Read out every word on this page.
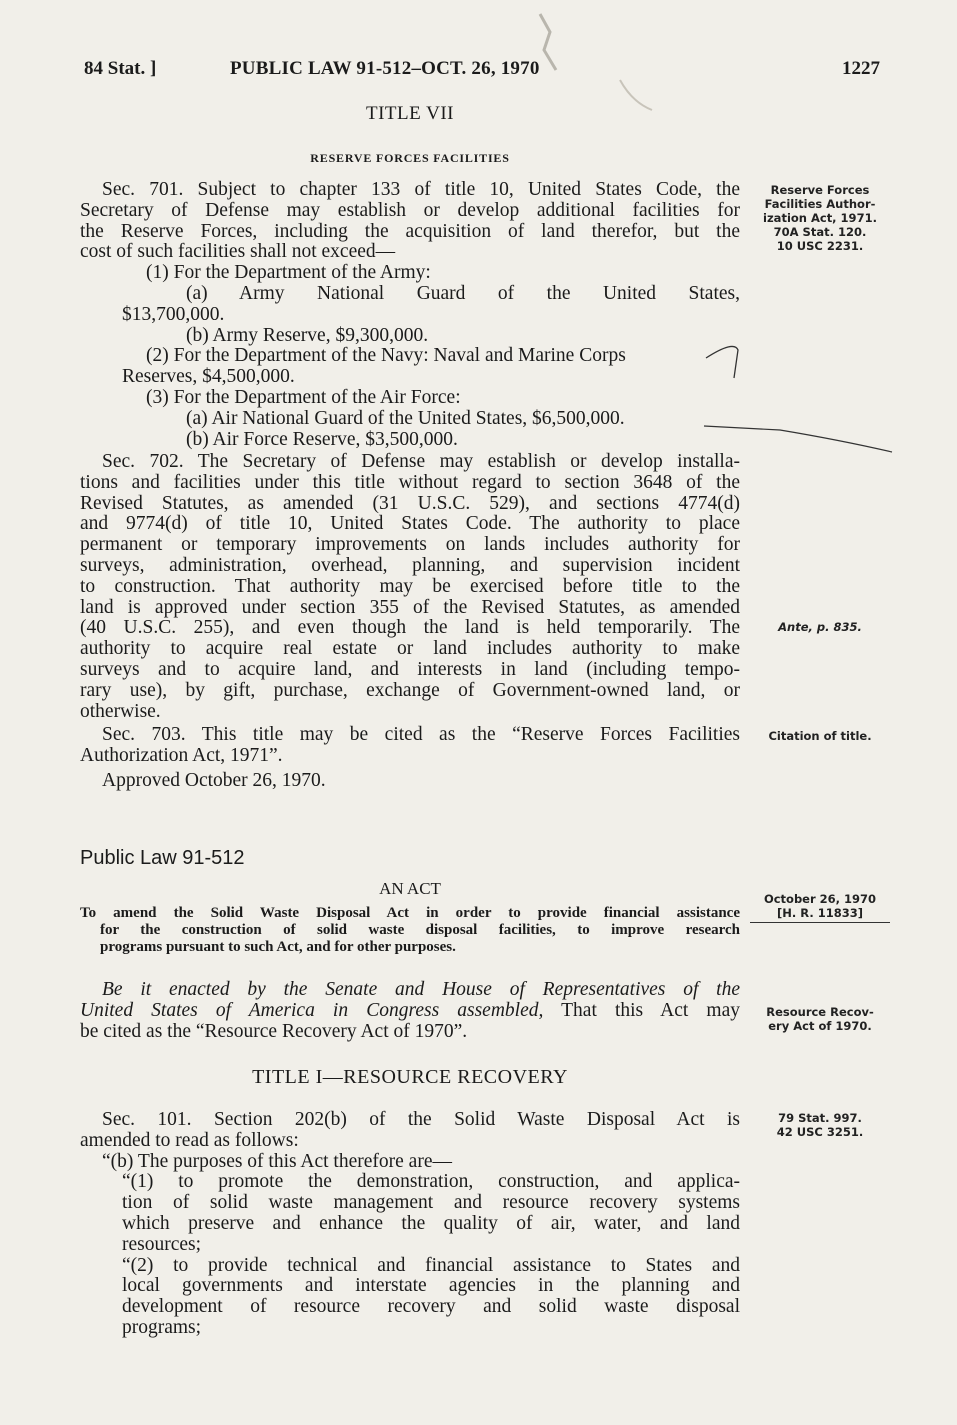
84 Stat. ]	PUBLIC LAW 91-512–OCT. 26, 1970	1227
TITLE VII
RESERVE FORCES FACILITIES
Sec. 701. Subject to chapter 133 of title 10, United States Code, the
Secretary of Defense may establish or develop additional facilities for
the Reserve Forces, including the acquisition of land therefor, but the
cost of such facilities shall not exceed—
(1) For the Department of the Army:
(a) Army National Guard of the United States,
$13,700,000.
(b) Army Reserve, $9,300,000.
(2) For the Department of the Navy: Naval and Marine Corps
Reserves, $4,500,000.
(3) For the Department of the Air Force:
(a) Air National Guard of the United States, $6,500,000.
(b) Air Force Reserve, $3,500,000.
Sec. 702. The Secretary of Defense may establish or develop installa-
tions and facilities under this title without regard to section 3648 of the
Revised Statutes, as amended (31 U.S.C. 529), and sections 4774(d)
and 9774(d) of title 10, United States Code. The authority to place
permanent or temporary improvements on lands includes authority for
surveys, administration, overhead, planning, and supervision incident
to construction. That authority may be exercised before title to the
land is approved under section 355 of the Revised Statutes, as amended
(40 U.S.C. 255), and even though the land is held temporarily. The
authority to acquire real estate or land includes authority to make
surveys and to acquire land, and interests in land (including tempo-
rary use), by gift, purchase, exchange of Government-owned land, or
otherwise.
Sec. 703. This title may be cited as the “Reserve Forces Facilities
Authorization Act, 1971”.
Approved October 26, 1970.
Public Law 91-512
AN ACT
To amend the Solid Waste Disposal Act in order to provide financial assistance
for the construction of solid waste disposal facilities, to improve research
programs pursuant to such Act, and for other purposes.
Be it enacted by the Senate and House of Representatives of the
United States of America in Congress assembled, That this Act may
be cited as the “Resource Recovery Act of 1970”.
TITLE I—RESOURCE RECOVERY
Sec. 101. Section 202(b) of the Solid Waste Disposal Act is
amended to read as follows:
“(b) The purposes of this Act therefore are—
“(1) to promote the demonstration, construction, and applica-
tion of solid waste management and resource recovery systems
which preserve and enhance the quality of air, water, and land
resources;
“(2) to provide technical and financial assistance to States and
local governments and interstate agencies in the planning and
development of resource recovery and solid waste disposal
programs;
Reserve Forces
Facilities Author-
ization Act, 1971.
70A Stat. 120.
10 USC 2231.
Ante, p. 835.
Citation of title.
October 26, 1970
[H. R. 11833]
Resource Recov-
ery Act of 1970.
79 Stat. 997.
42 USC 3251.
